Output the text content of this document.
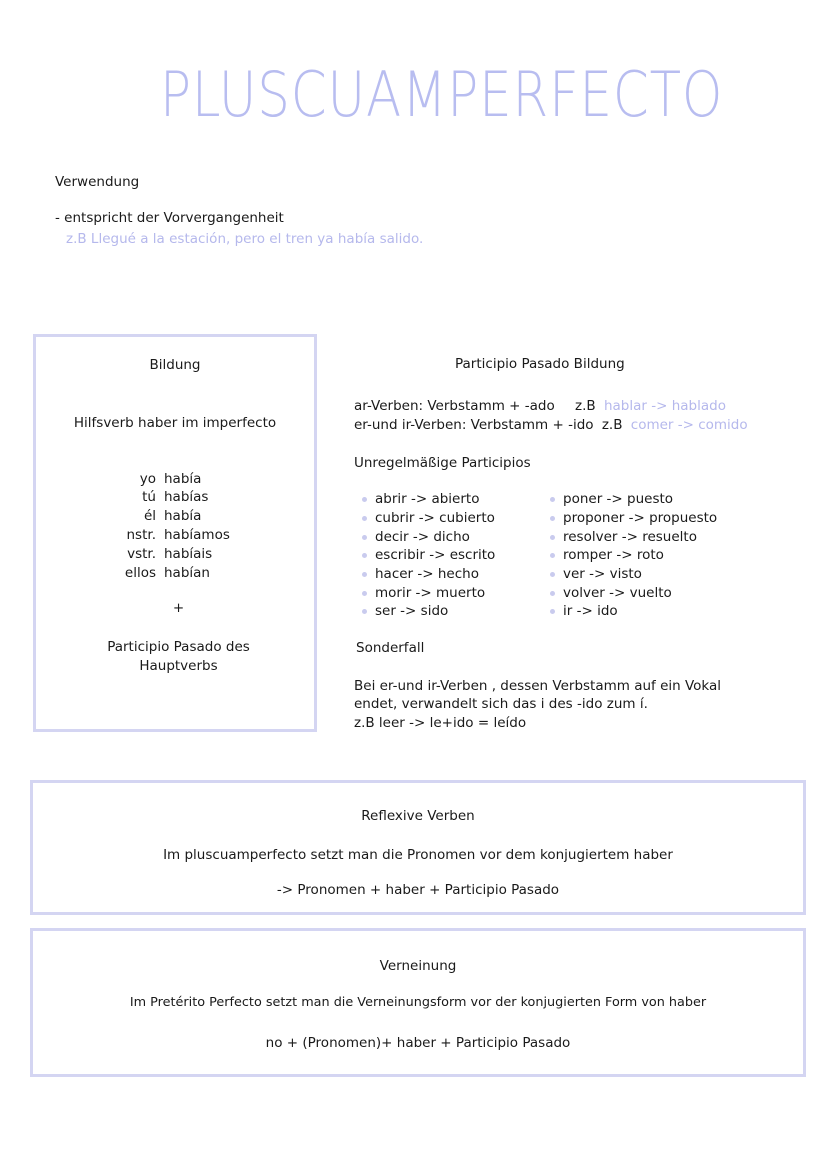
PLUSCUAMPERFECTO
Verwendung
- entspricht der Vorvergangenheit
z.B Llegué a la estación, pero el tren ya había salido.
Bildung
Hilfsverb haber im imperfecto
yo había
tú habías
él había
nstr. habíamos
vstr. habíais
ellos habían
+
Participio Pasado des
Hauptverbs
Participio Pasado Bildung
ar-Verben: Verbstamm + -ado z.B hablar -> hablado
er-und ir-Verben: Verbstamm + -ido z.B comer -> comido
Unregelmäßige Participios
abrir -> abierto
cubrir -> cubierto
decir -> dicho
escribir -> escrito
hacer -> hecho
morir -> muerto
ser -> sido
poner -> puesto
proponer -> propuesto
resolver -> resuelto
romper -> roto
ver -> visto
volver -> vuelto
ir -> ido
Sonderfall
Bei er-und ir-Verben , dessen Verbstamm auf ein Vokal
endet, verwandelt sich das i des -ido zum í.
z.B leer -> le+ido = leído
Reflexive Verben
Im pluscuamperfecto setzt man die Pronomen vor dem konjugiertem haber
-> Pronomen + haber + Participio Pasado
Verneinung
Im Pretérito Perfecto setzt man die Verneinungsform vor der konjugierten Form von haber
no + (Pronomen)+ haber + Participio Pasado
